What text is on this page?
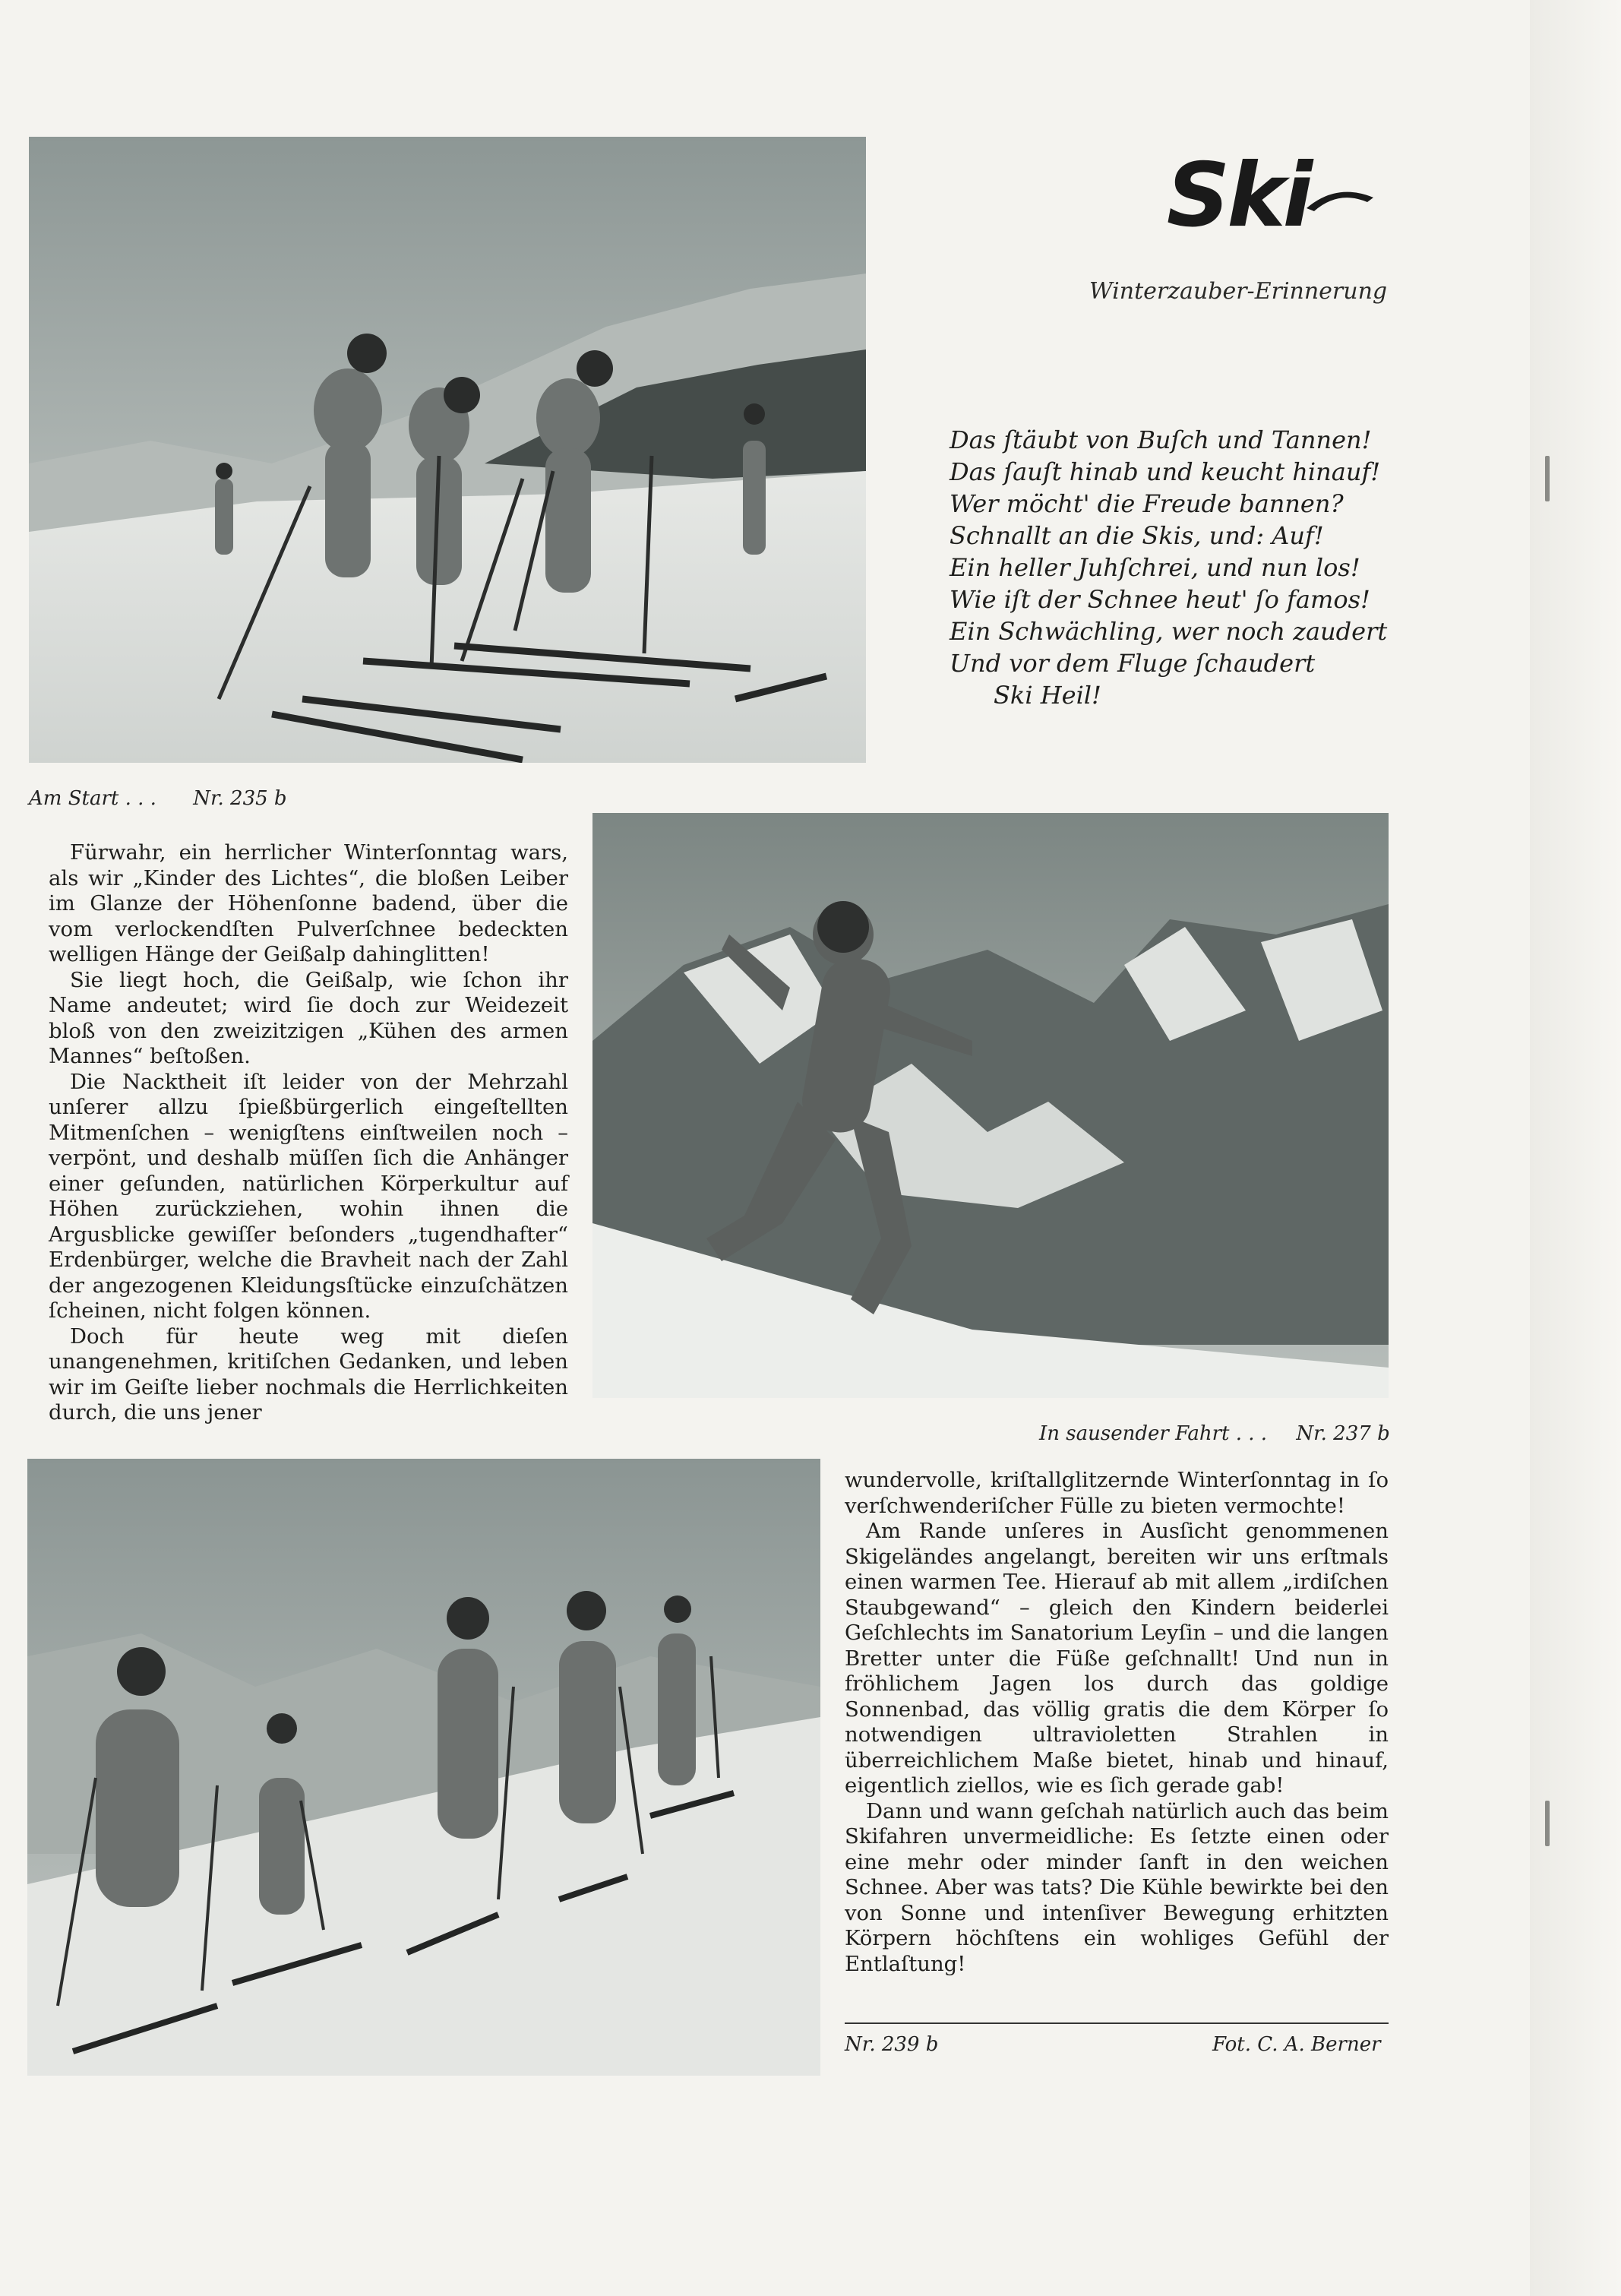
Am Start . . . Nr. 235 b
Ski
Winterzauber-Erinnerung
Das ſtäubt von Buſch und Tannen!
Das ſauſt hinab und keucht hinauf!
Wer möcht' die Freude bannen?
Schnallt an die Skis, und: Auf!
Ein heller Juhſchrei, und nun los!
Wie iſt der Schnee heut' ſo famos!
Ein Schwächling, wer noch zaudert
Und vor dem Fluge ſchaudert
Ski Heil!

Fürwahr, ein herrlicher Winterſonntag wars, als wir „Kinder des Lichtes“, die bloßen Leiber im Glanze der Höhenſonne badend, über die vom verlockendſten Pulverſchnee bedeckten welligen Hänge der Geißalp dahinglitten!

Sie liegt hoch, die Geißalp, wie ſchon ihr Name andeutet; wird ſie doch zur Weidezeit bloß von den zweizitzigen „Kühen des armen Mannes“ beſtoßen.

Die Nacktheit iſt leider von der Mehrzahl unſerer allzu ſpießbürgerlich eingeſtellten Mitmenſchen – wenigſtens einſtweilen noch – verpönt, und deshalb müſſen ſich die Anhänger einer geſunden, natürlichen Körperkultur auf Höhen zurückziehen, wohin ihnen die Argusblicke gewiſſer beſonders „tugendhafter“ Erdenbürger, welche die Bravheit nach der Zahl der angezogenen Kleidungsſtücke einzuſchätzen ſcheinen, nicht folgen können.

Doch für heute weg mit dieſen unangenehmen, kritiſchen Gedanken, und leben wir im Geiſte lieber nochmals die Herrlichkeiten durch, die uns jener

In sausender Fahrt . . . Nr. 237 b

wundervolle, kriſtallglitzernde Winterſonntag in ſo verſchwenderiſcher Fülle zu bieten vermochte!

Am Rande unſeres in Ausſicht genommenen Skigeländes angelangt, bereiten wir uns erſtmals einen warmen Tee. Hierauf ab mit allem „irdiſchen Staubgewand“ – gleich den Kindern beiderlei Geſchlechts im Sanatorium Leyſin – und die langen Bretter unter die Füße geſchnallt! Und nun in fröhlichem Jagen los durch das goldige Sonnenbad, das völlig gratis die dem Körper ſo notwendigen ultravioletten Strahlen in überreichlichem Maße bietet, hinab und hinauf, eigentlich ziellos, wie es ſich gerade gab!

Dann und wann geſchah natürlich auch das beim Skifahren unvermeidliche: Es ſetzte einen oder eine mehr oder minder ſanft in den weichen Schnee. Aber was tats? Die Kühle bewirkte bei den von Sonne und intenſiver Bewegung erhitzten Körpern höchſtens ein wohliges Gefühl der Entlaſtung!

Nr. 239 b	Fot. C. A. Berner
